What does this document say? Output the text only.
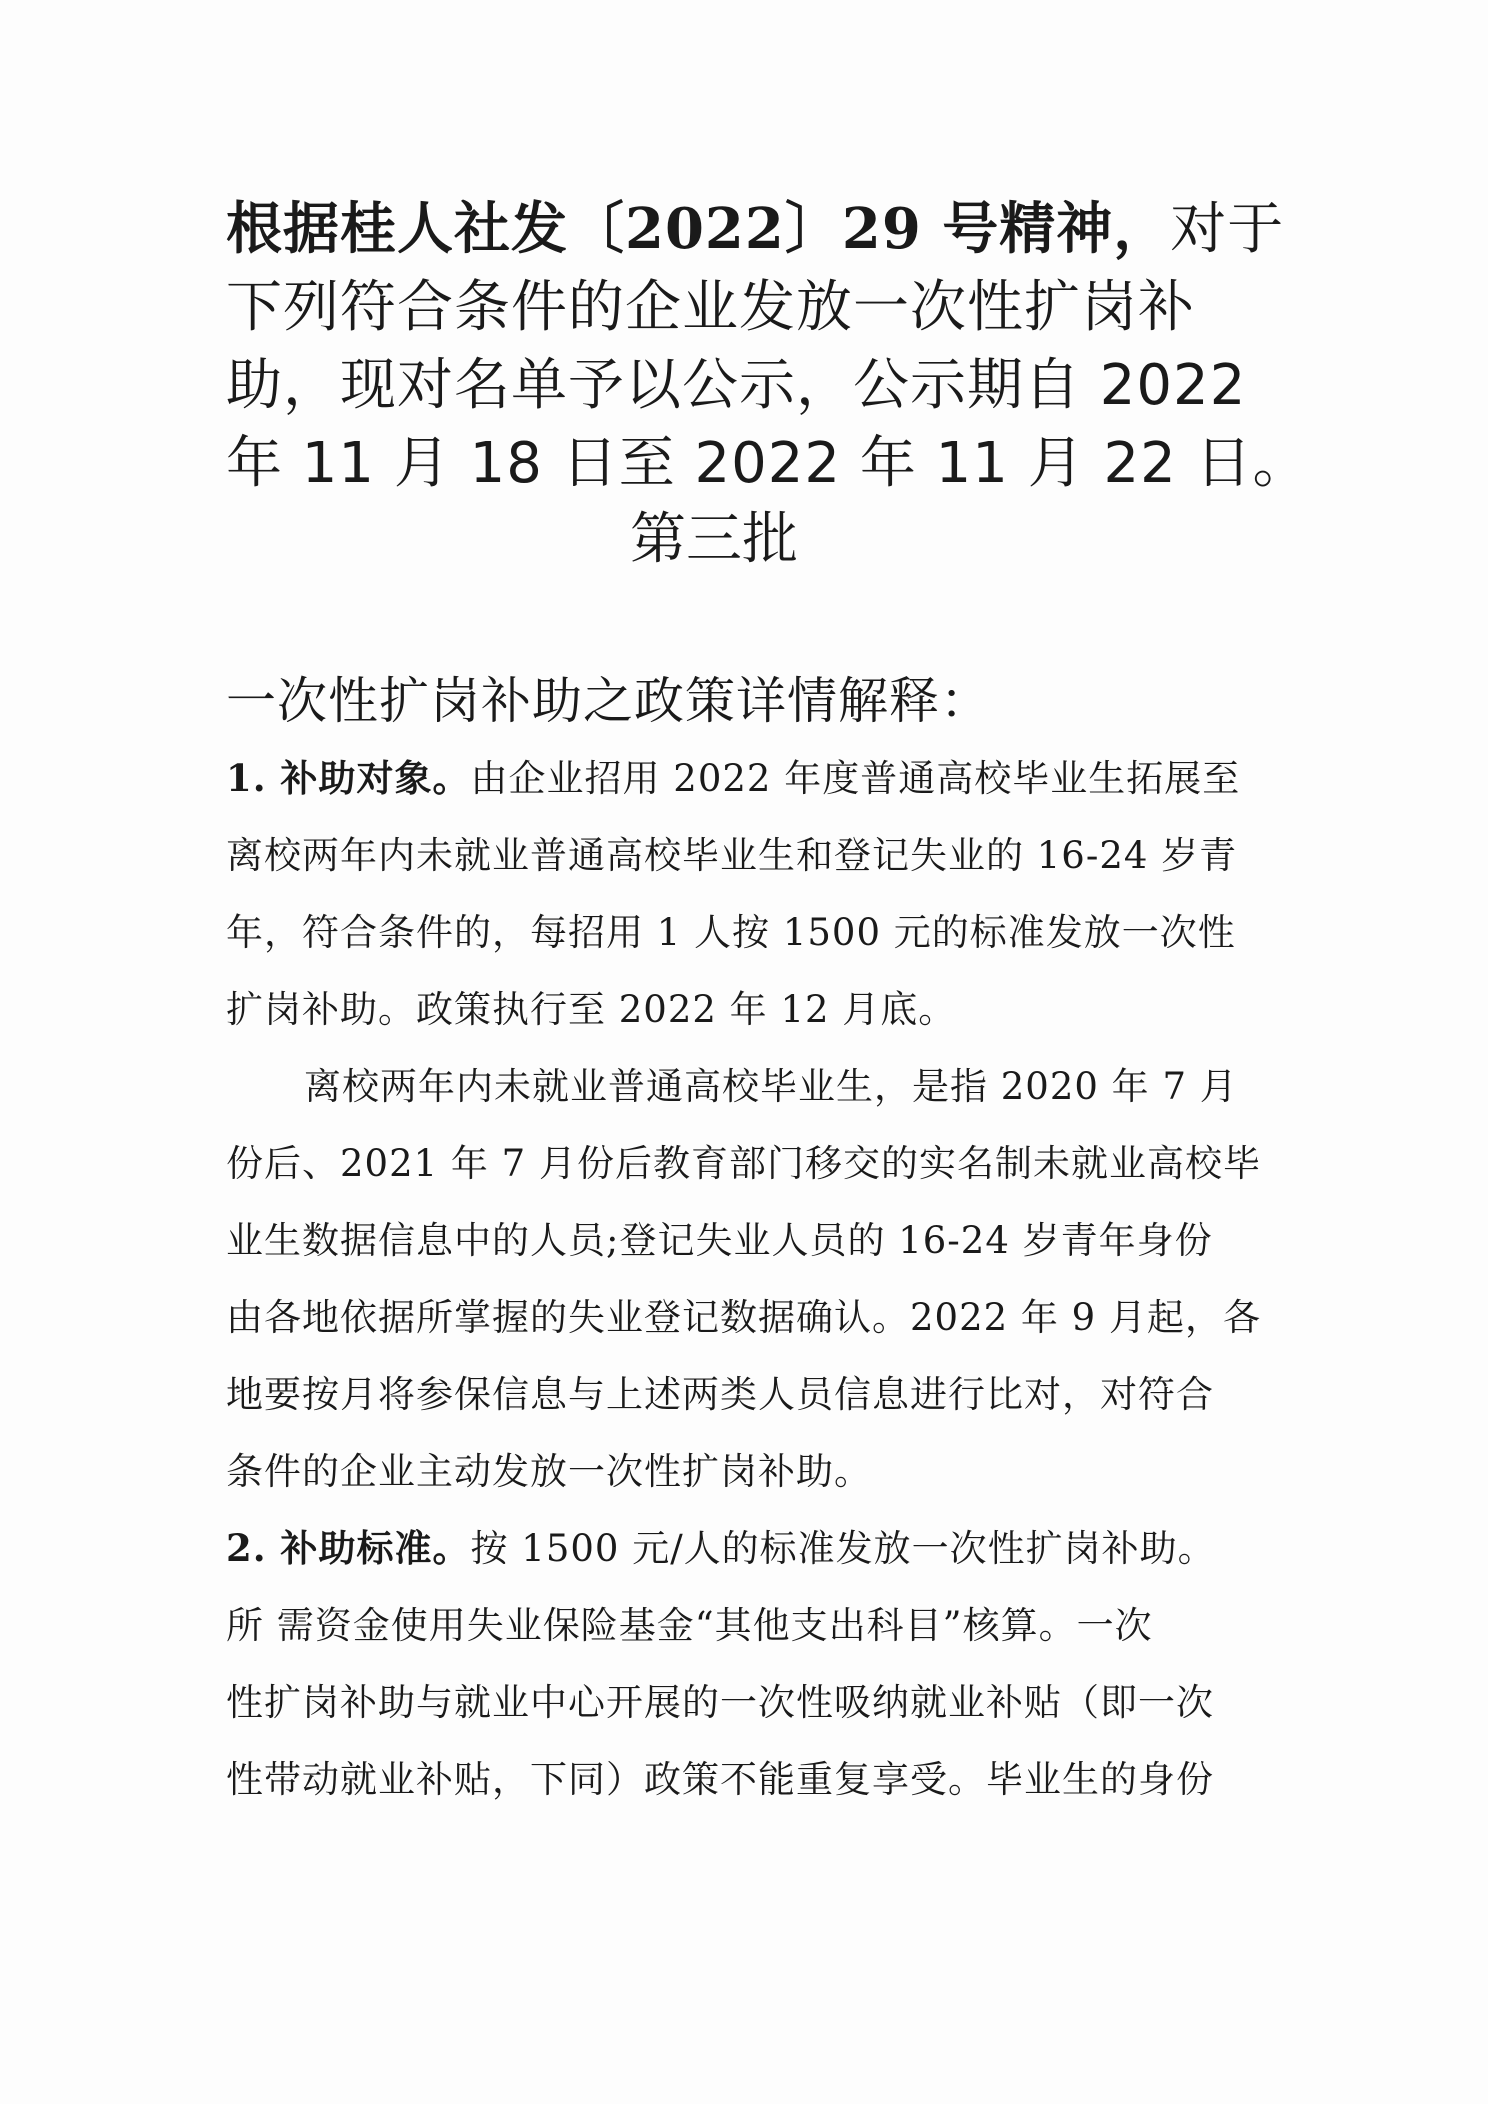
根据桂人社发〔2022〕29 号精神，对于
下列符合条件的企业发放一次性扩岗补
助，现对名单予以公示，公示期自 2022
年 11 月 18 日至 2022 年 11 月 22 日。
第三批
一次性扩岗补助之政策详情解释：
1. 补助对象。由企业招用 2022 年度普通高校毕业生拓展至
离校两年内未就业普通高校毕业生和登记失业的 16-24 岁青
年，符合条件的，每招用 1 人按 1500 元的标准发放一次性
扩岗补助。政策执行至 2022 年 12 月底。
离校两年内未就业普通高校毕业生，是指 2020 年 7 月
份后、2021 年 7 月份后教育部门移交的实名制未就业高校毕
业生数据信息中的人员;登记失业人员的 16-24 岁青年身份
由各地依据所掌握的失业登记数据确认。2022 年 9 月起，各
地要按月将参保信息与上述两类人员信息进行比对，对符合
条件的企业主动发放一次性扩岗补助。
2. 补助标准。按 1500 元/人的标准发放一次性扩岗补助。
所 需资金使用失业保险基金“其他支出科目”核算。一次
性扩岗补助与就业中心开展的一次性吸纳就业补贴（即一次
性带动就业补贴，下同）政策不能重复享受。毕业生的身份
